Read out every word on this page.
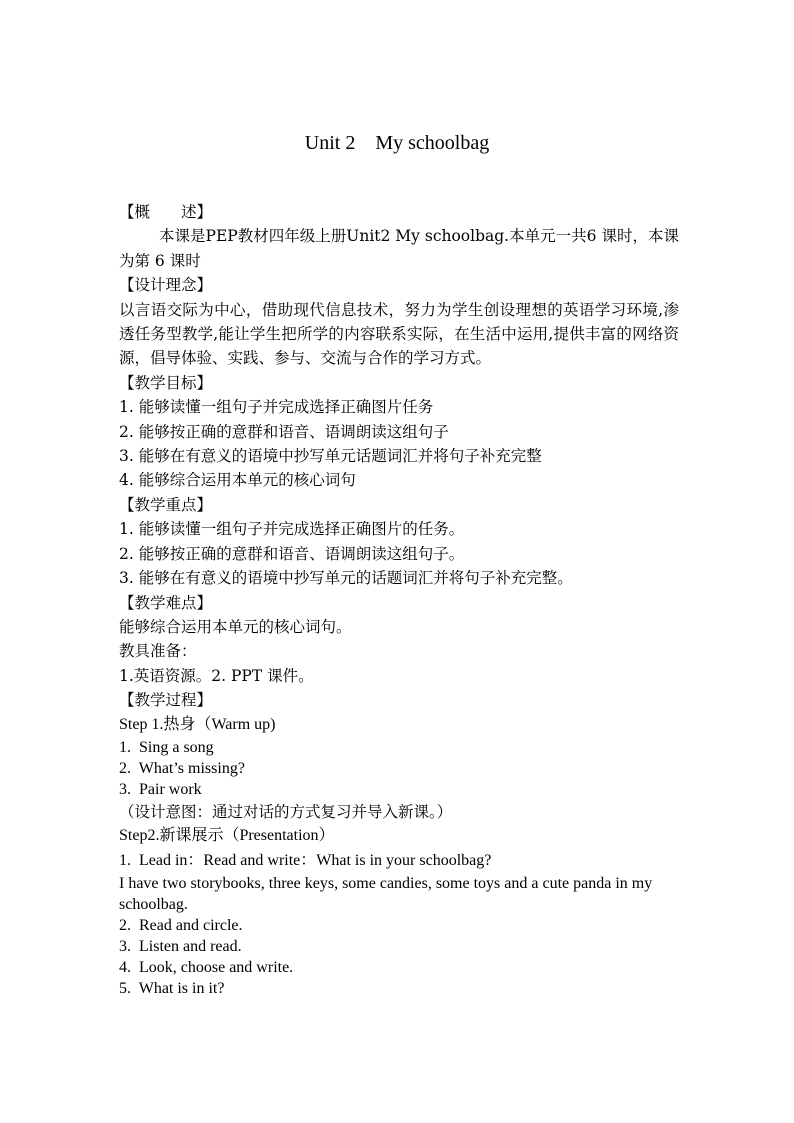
Unit 2　My schoolbag
【概　　述】
本课是PEP教材四年级上册Unit2 My schoolbag.本单元一共6 课时，本课为第 6 课时
【设计理念】
以言语交际为中心，借助现代信息技术，努力为学生创设理想的英语学习环境,渗透任务型教学,能让学生把所学的内容联系实际，在生活中运用,提供丰富的网络资源，倡导体验、实践、参与、交流与合作的学习方式。
【教学目标】
1. 能够读懂一组句子并完成选择正确图片任务
2. 能够按正确的意群和语音、语调朗读这组句子
3. 能够在有意义的语境中抄写单元话题词汇并将句子补充完整
4. 能够综合运用本单元的核心词句
【教学重点】
1. 能够读懂一组句子并完成选择正确图片的任务。
2. 能够按正确的意群和语音、语调朗读这组句子。
3. 能够在有意义的语境中抄写单元的话题词汇并将句子补充完整。
【教学难点】
能够综合运用本单元的核心词句。
教具准备：
1.英语资源。2. PPT 课件。
【教学过程】
Step 1.热身（Warm up)
1.  Sing a song
2.  What’s missing?
3.  Pair work
（设计意图：通过对话的方式复习并导入新课。）
Step2.新课展示（Presentation）
1.  Lead in：Read and write：What is in your schoolbag?
I have two storybooks, three keys, some candies, some toys and a cute panda in my schoolbag.
2.  Read and circle.
3.  Listen and read.
4.  Look, choose and write.
5.  What is in it?
